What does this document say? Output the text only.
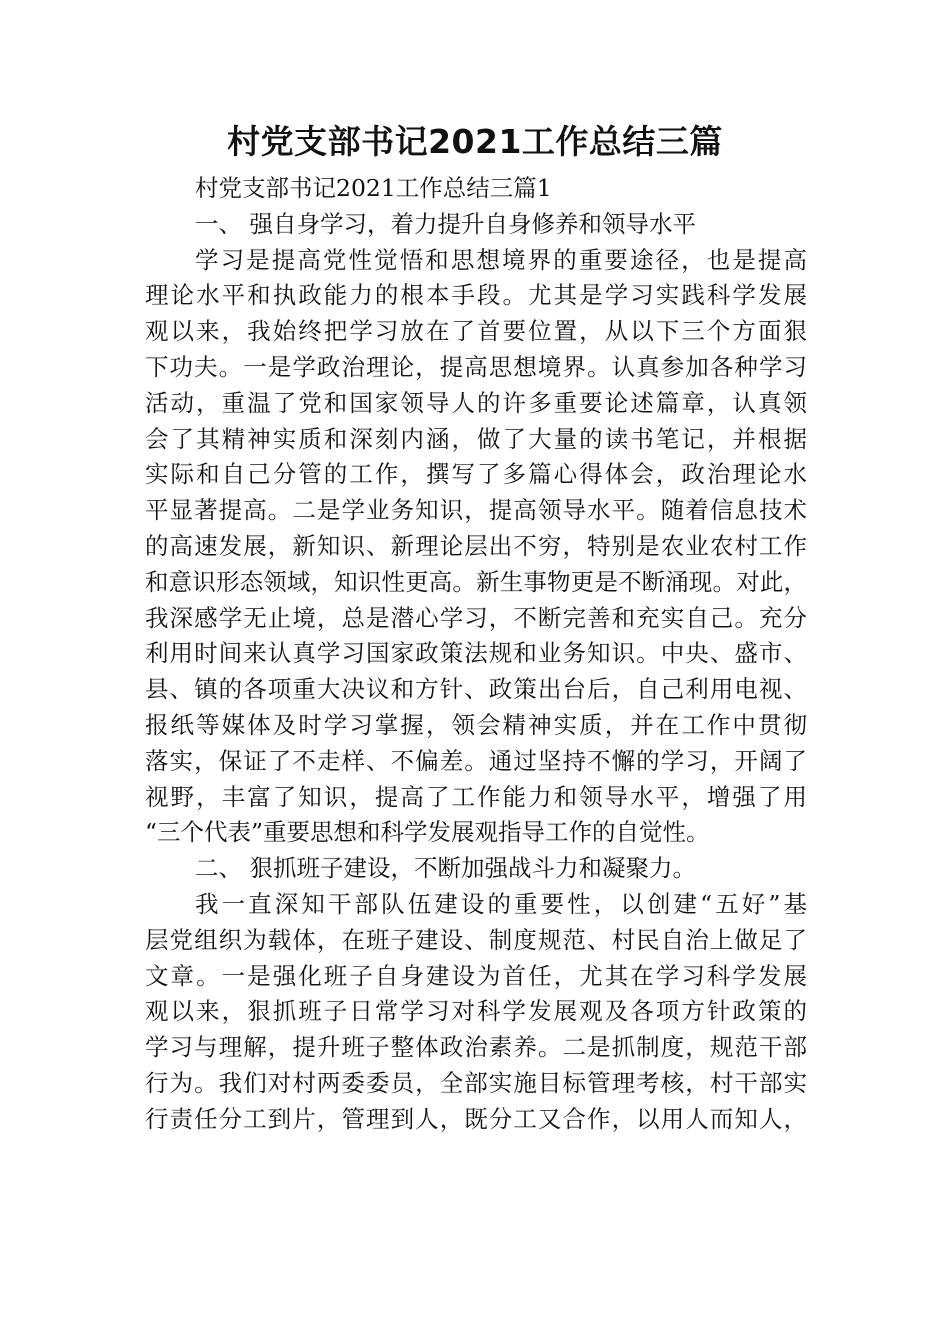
村党支部书记2021工作总结三篇
村党支部书记2021工作总结三篇1
一、 强自身学习，着力提升自身修养和领导水平
学习是提高党性觉悟和思想境界的重要途径，也是提高
理论水平和执政能力的根本手段。尤其是学习实践科学发展
观以来，我始终把学习放在了首要位置，从以下三个方面狠
下功夫。一是学政治理论，提高思想境界。认真参加各种学习
活动，重温了党和国家领导人的许多重要论述篇章，认真领
会了其精神实质和深刻内涵，做了大量的读书笔记，并根据
实际和自己分管的工作，撰写了多篇心得体会，政治理论水
平显著提高。二是学业务知识，提高领导水平。随着信息技术
的高速发展，新知识、新理论层出不穷，特别是农业农村工作
和意识形态领域，知识性更高。新生事物更是不断涌现。对此，
我深感学无止境，总是潜心学习，不断完善和充实自己。充分
利用时间来认真学习国家政策法规和业务知识。中央、盛市、
县、镇的各项重大决议和方针、政策出台后，自己利用电视、
报纸等媒体及时学习掌握，领会精神实质，并在工作中贯彻
落实，保证了不走样、不偏差。通过坚持不懈的学习，开阔了
视野，丰富了知识，提高了工作能力和领导水平，增强了用
“三个代表”重要思想和科学发展观指导工作的自觉性。
二、 狠抓班子建设，不断加强战斗力和凝聚力。
我一直深知干部队伍建设的重要性，以创建“五好”基
层党组织为载体，在班子建设、制度规范、村民自治上做足了
文章。一是强化班子自身建设为首任，尤其在学习科学发展
观以来，狠抓班子日常学习对科学发展观及各项方针政策的
学习与理解，提升班子整体政治素养。二是抓制度，规范干部
行为。我们对村两委委员，全部实施目标管理考核，村干部实
行责任分工到片，管理到人，既分工又合作，以用人而知人，
